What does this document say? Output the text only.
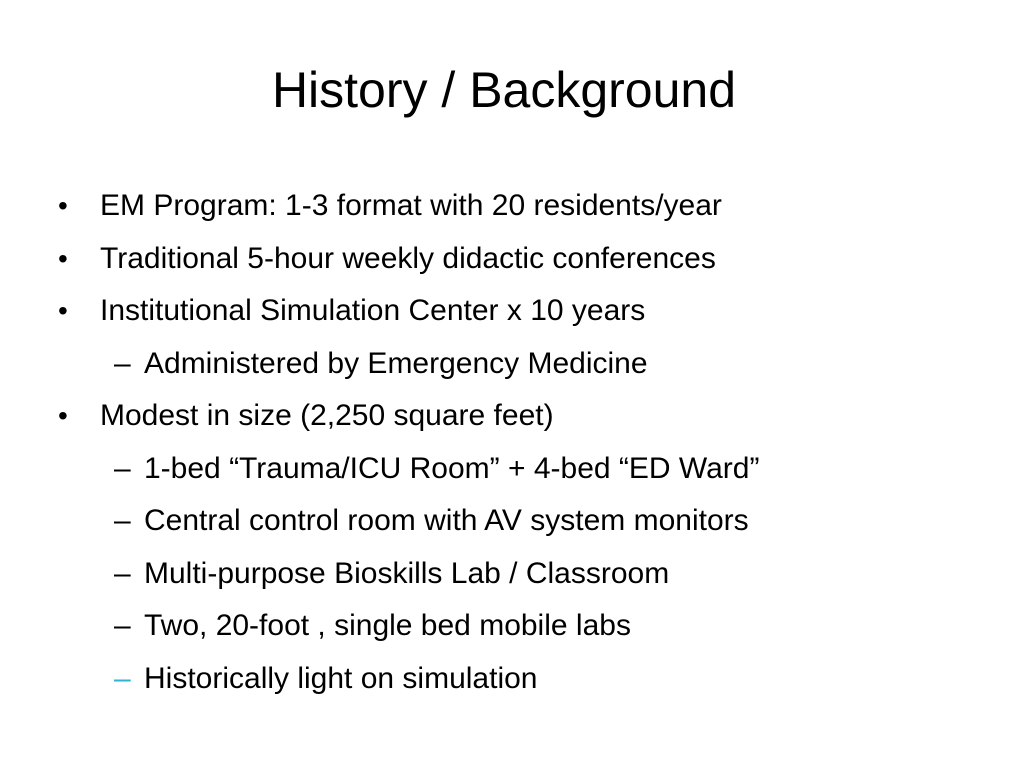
History / Background
•	EM Program: 1-3 format with 20 residents/year
•	Traditional 5-hour weekly didactic conferences
•	Institutional Simulation Center x 10 years
– Administered by Emergency Medicine
•	Modest in size (2,250 square feet)
– 1-bed “Trauma/ICU Room” + 4-bed “ED Ward”
– Central control room with AV system monitors
– Multi-purpose Bioskills Lab / Classroom
– Two, 20-foot , single bed mobile labs
– Historically light on simulation
